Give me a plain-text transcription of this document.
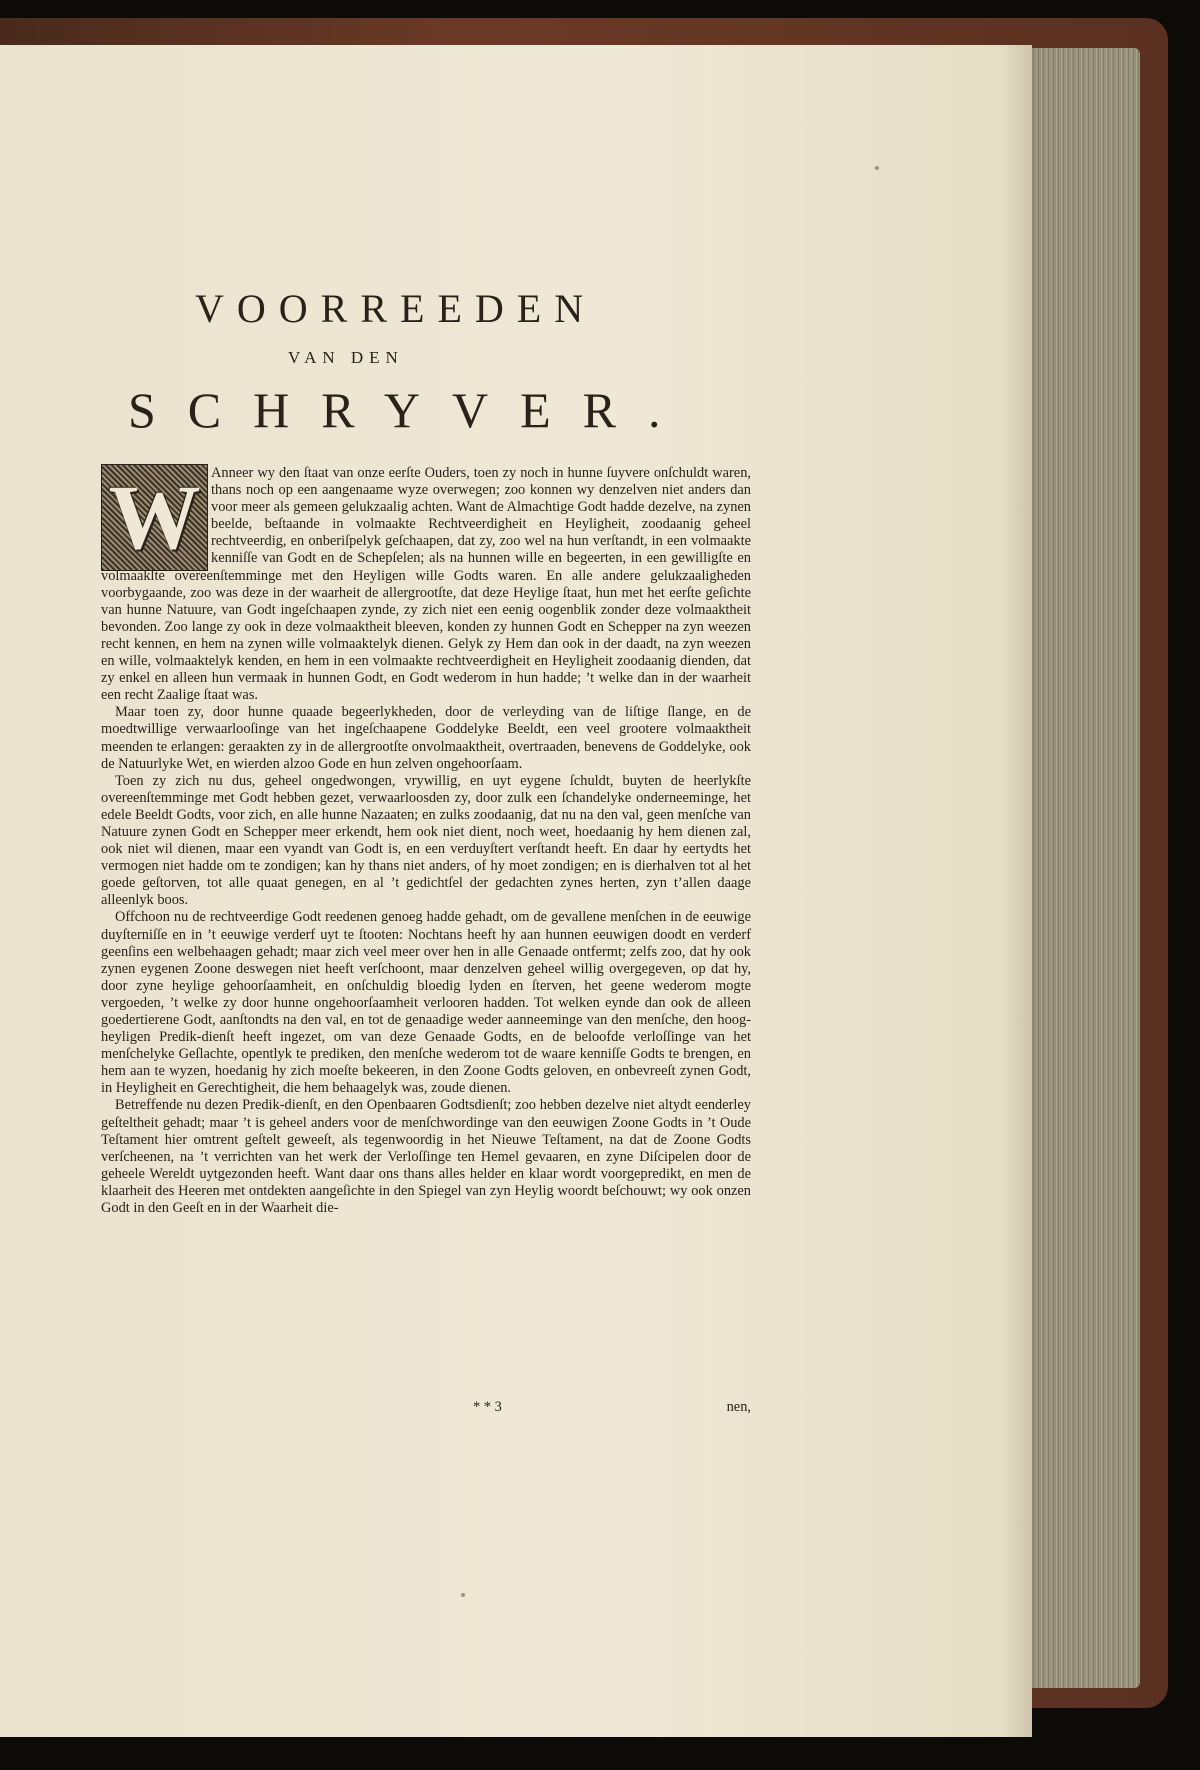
VOORREEDEN
VAN DEN
SCHRYVER.
W Anneer wy den ſtaat van onze eerſte Ouders, toen zy noch in hunne ſuyvere onſchuldt waren, thans noch op een aangenaame wyze overwegen; zoo konnen wy denzelven niet anders dan voor meer als gemeen gelukzaalig achten. Want de Almachtige Godt hadde dezelve, na zynen beelde, beſtaande in volmaakte Rechtveerdigheit en Heyligheit, zoodaanig geheel rechtveerdig, en onberiſpelyk geſchaapen, dat zy, zoo wel na hun verſtandt, in een volmaakte kenniſſe van Godt en de Schepſelen; als na hunnen wille en begeerten, in een gewilligſte en volmaakſte overeenſtemminge met den Heyligen wille Godts waren. En alle andere gelukzaaligheden voorbygaande, zoo was deze in der waarheit de allergrootſte, dat deze Heylige ſtaat, hun met het eerſte geſichte van hunne Natuure, van Godt ingeſchaapen zynde, zy zich niet een eenig oogenblik zonder deze volmaaktheit bevonden. Zoo lange zy ook in deze volmaaktheit bleeven, konden zy hunnen Godt en Schepper na zyn weezen recht kennen, en hem na zynen wille volmaaktelyk dienen. Gelyk zy Hem dan ook in der daadt, na zyn weezen en wille, volmaaktelyk kenden, en hem in een volmaakte rechtveerdigheit en Heyligheit zoodaanig dienden, dat zy enkel en alleen hun vermaak in hunnen Godt, en Godt wederom in hun hadde; ’t welke dan in der waarheit een recht Zaalige ſtaat was.

Maar toen zy, door hunne quaade begeerlykheden, door de verleyding van de liſtige ſlange, en de moedtwillige verwaarlooſinge van het ingeſchaapene Goddelyke Beeldt, een veel grootere volmaaktheit meenden te erlangen: geraakten zy in de allergrootſte onvolmaaktheit, overtraaden, benevens de Goddelyke, ook de Natuurlyke Wet, en wierden alzoo Gode en hun zelven ongehoorſaam.

Toen zy zich nu dus, geheel ongedwongen, vrywillig, en uyt eygene ſchuldt, buyten de heerlykſte overeenſtemminge met Godt hebben gezet, verwaarloosden zy, door zulk een ſchandelyke onderneeminge, het edele Beeldt Godts, voor zich, en alle hunne Nazaaten; en zulks zoodaanig, dat nu na den val, geen menſche van Natuure zynen Godt en Schepper meer erkendt, hem ook niet dient, noch weet, hoedaanig hy hem dienen zal, ook niet wil dienen, maar een vyandt van Godt is, en een verduyſtert verſtandt heeft. En daar hy eertydts het vermogen niet hadde om te zondigen; kan hy thans niet anders, of hy moet zondigen; en is dierhalven tot al het goede geſtorven, tot alle quaat genegen, en al ’t gedichtſel der gedachten zynes herten, zyn t’allen daage alleenlyk boos.

Offchoon nu de rechtveerdige Godt reedenen genoeg hadde gehadt, om de gevallene menſchen in de eeuwige duyſterniſſe en in ’t eeuwige verderf uyt te ſtooten: Nochtans heeft hy aan hunnen eeuwigen doodt en verderf geenſins een welbehaagen gehadt; maar zich veel meer over hen in alle Genaade ontfermt; zelfs zoo, dat hy ook zynen eygenen Zoone deswegen niet heeft verſchoont, maar denzelven geheel willig overgegeven, op dat hy, door zyne heylige gehoorſaamheit, en onſchuldig bloedig lyden en ſterven, het geene wederom mogte vergoeden, ’t welke zy door hunne ongehoorſaamheit verlooren hadden. Tot welken eynde dan ook de alleen goedertierene Godt, aanſtondts na den val, en tot de genaadige weder aanneeminge van den menſche, den hoog-heyligen Predik-dienſt heeft ingezet, om van deze Genaade Godts, en de beloofde verloſſinge van het menſchelyke Geſlachte, opentlyk te prediken, den menſche wederom tot de waare kenniſſe Godts te brengen, en hem aan te wyzen, hoedanig hy zich moeſte bekeeren, in den Zoone Godts geloven, en onbevreeſt zynen Godt, in Heyligheit en Gerechtigheit, die hem behaagelyk was, zoude dienen.

Betreffende nu dezen Predik-dienſt, en den Openbaaren Godtsdienſt; zoo hebben dezelve niet altydt eenderley geſteltheit gehadt; maar ’t is geheel anders voor de menſchwordinge van den eeuwigen Zoone Godts in ’t Oude Teſtament hier omtrent geſtelt geweeſt, als tegenwoordig in het Nieuwe Teſtament, na dat de Zoone Godts verſcheenen, na ’t verrichten van het werk der Verloſſinge ten Hemel gevaaren, en zyne Diſcipelen door de geheele Wereldt uytgezonden heeft. Want daar ons thans alles helder en klaar wordt voorgepredikt, en men de klaarheit des Heeren met ontdekten aangeſichte in den Spiegel van zyn Heylig woordt beſchouwt; wy ook onzen Godt in den Geeſt en in der Waarheit die-

* * 3	nen,
